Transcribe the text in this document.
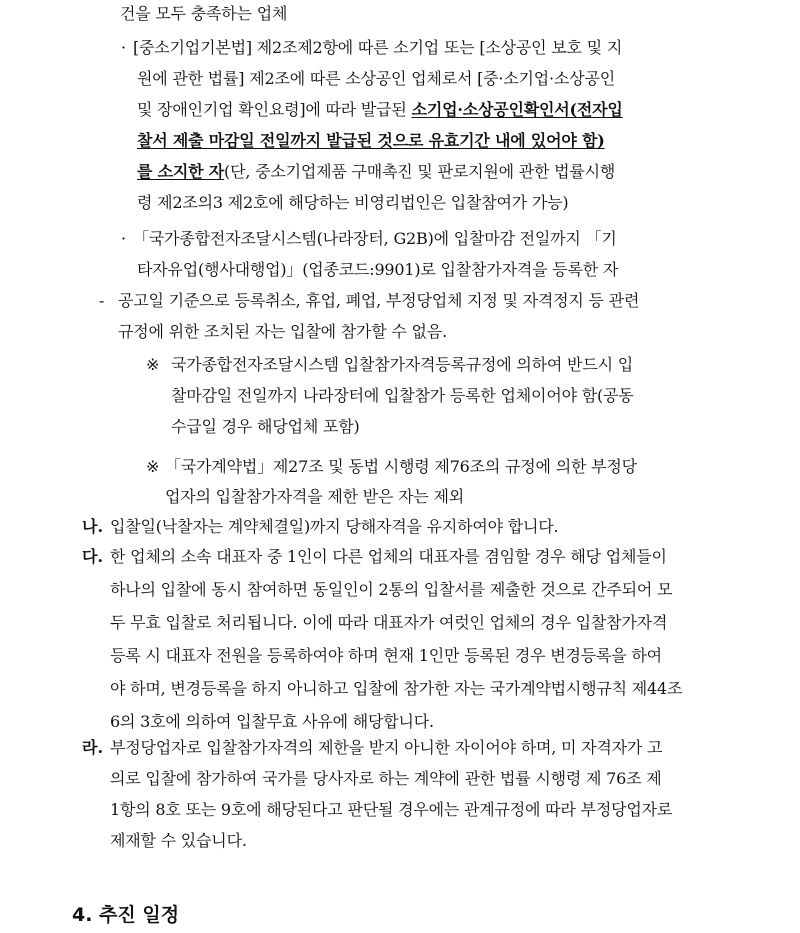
건을 모두 충족하는 업체
· [중소기업기본법] 제2조제2항에 따른 소기업 또는 [소상공인 보호 및 지
원에 관한 법률] 제2조에 따른 소상공인 업체로서 [중·소기업·소상공인
및 장애인기업 확인요령]에 따라 발급된 소기업·소상공인확인서(전자입
찰서 제출 마감일 전일까지 발급된 것으로 유효기간 내에 있어야 함)
를 소지한 자(단, 중소기업제품 구매촉진 및 판로지원에 관한 법률시행
령 제2조의3 제2호에 해당하는 비영리법인은 입찰참여가 가능)
· 「국가종합전자조달시스템(나라장터, G2B)에 입찰마감 전일까지 「기
타자유업(행사대행업)」(업종코드:9901)로 입찰참가자격을 등록한 자
- 공고일 기준으로 등록취소, 휴업, 폐업, 부정당업체 지정 및 자격정지 등 관련
규정에 위한 조치된 자는 입찰에 참가할 수 없음.
※ 국가종합전자조달시스템 입찰참가자격등록규정에 의하여 반드시 입
찰마감일 전일까지 나라장터에 입찰참가 등록한 업체이어야 함(공동
수급일 경우 해당업체 포함)
※ 「국가계약법」제27조 및 동법 시행령 제76조의 규정에 의한 부정당
업자의 입찰참가자격을 제한 받은 자는 제외
나. 입찰일(낙찰자는 계약체결일)까지 당해자격을 유지하여야 합니다.
다. 한 업체의 소속 대표자 중 1인이 다른 업체의 대표자를 겸임할 경우 해당 업체들이
하나의 입찰에 동시 참여하면 동일인이 2통의 입찰서를 제출한 것으로 간주되어 모
두 무효 입찰로 처리됩니다. 이에 따라 대표자가 여럿인 업체의 경우 입찰참가자격
등록 시 대표자 전원을 등록하여야 하며 현재 1인만 등록된 경우 변경등록을 하여
야 하며, 변경등록을 하지 아니하고 입찰에 참가한 자는 국가계약법시행규칙 제44조
6의 3호에 의하여 입찰무효 사유에 해당합니다.
라. 부정당업자로 입찰참가자격의 제한을 받지 아니한 자이어야 하며, 미 자격자가 고
의로 입찰에 참가하여 국가를 당사자로 하는 계약에 관한 법률 시행령 제 76조 제
1항의 8호 또는 9호에 해당된다고 판단될 경우에는 관계규정에 따라 부정당업자로
제재할 수 있습니다.
4. 추진 일정
